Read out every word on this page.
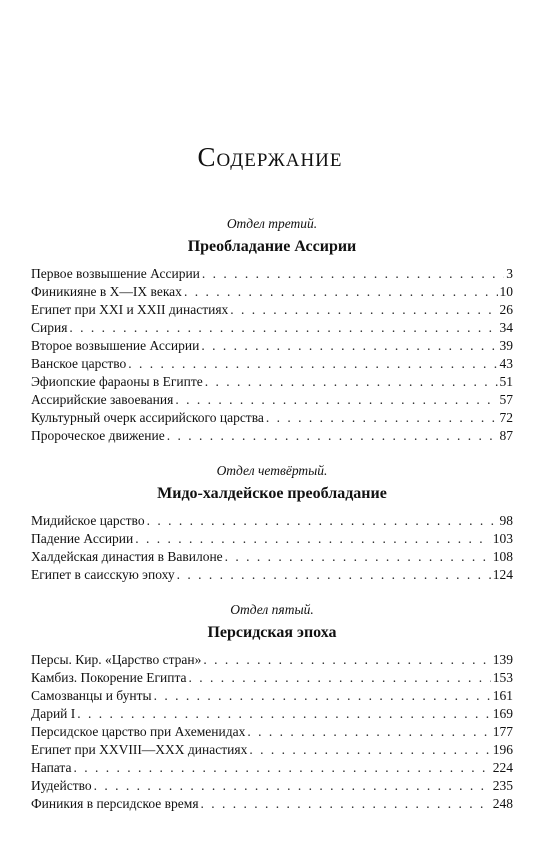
Содержание

Отдел третий.

Преобладание Ассирии
Первое возвышение Ассирии . . .	3
Финикияне в X—IX веках . . .	10
Египет при XXI и XXII династиях . . .	26
Сирия . . .	34
Второе возвышение Ассирии . . .	39
Ванское царство . . .	43
Эфиопские фараоны в Египте . . .	51
Ассирийские завоевания . . .	57
Культурный очерк ассирийского царства . . .	72
Пророческое движение . . .	87

Отдел четвёртый.

Мидо-халдейское преобладание
Мидийское царство . . .	98
Падение Ассирии . . .	103
Халдейская династия в Вавилоне . . .	108
Египет в саисскую эпоху . . .	124

Отдел пятый.

Персидская эпоха
Персы. Кир. «Царство стран» . . .	139
Камбиз. Покорение Египта . . .	153
Самозванцы и бунты . . .	161
Дарий I . . .	169
Персидское царство при Ахеменидах . . .	177
Египет при XXVIII—XXX династиях . . .	196
Напата . . .	224
Иудейство . . .	235
Финикия в персидское время . . .	248
